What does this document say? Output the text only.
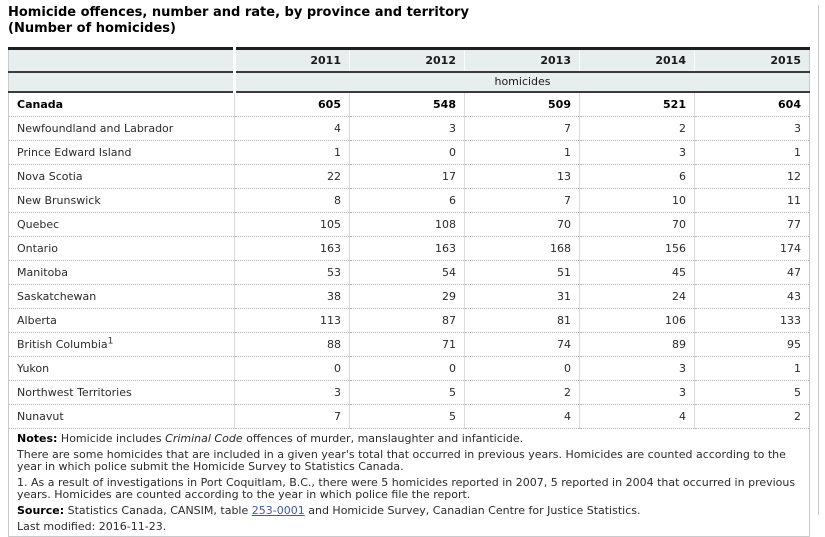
Homicide offences, number and rate, by province and territory
(Number of homicides)
	2011	2012	2013	2014	2015
	homicides				
Canada	605	548	509	521	604
Newfoundland and Labrador	4	3	7	2	3
Prince Edward Island	1	0	1	3	1
Nova Scotia	22	17	13	6	12
New Brunswick	8	6	7	10	11
Quebec	105	108	70	70	77
Ontario	163	163	168	156	174
Manitoba	53	54	51	45	47
Saskatchewan	38	29	31	24	43
Alberta	113	87	81	106	133
British Columbia$^1$	88	71	74	89	95
Yukon	0	0	0	3	1
Northwest Territories	3	5	2	3	5
Nunavut	7	5	4	4	2

Notes: Homicide includes Criminal Code offences of murder, manslaughter and infanticide.

There are some homicides that are included in a given year's total that occurred in previous years. Homicides are counted according to the year in which police submit the Homicide Survey to Statistics Canada.

1. As a result of investigations in Port Coquitlam, B.C., there were 5 homicides reported in 2007, 5 reported in 2004 that occurred in previous years. Homicides are counted according to the year in which police file the report.

Source: Statistics Canada, CANSIM, table 253-0001 and Homicide Survey, Canadian Centre for Justice Statistics.

Last modified: 2016-11-23.					
